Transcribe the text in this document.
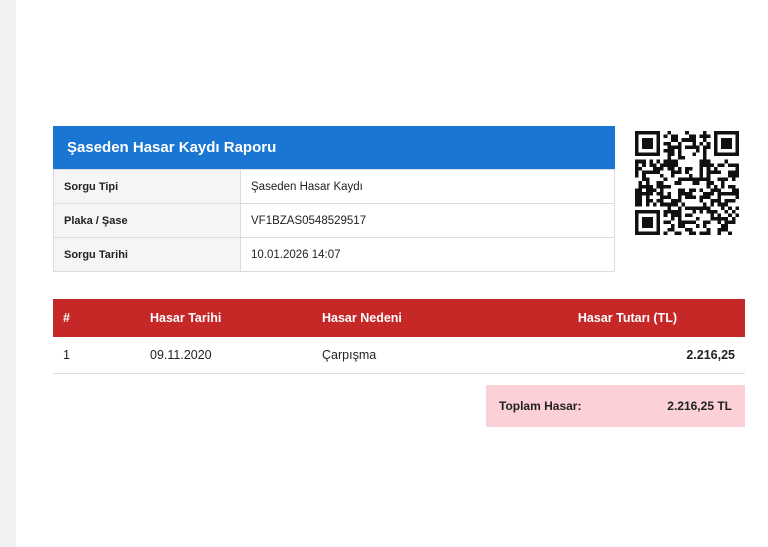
Şaseden Hasar Kaydı Raporu
Sorgu Tipi	Şaseden Hasar Kaydı
Plaka / Şase	VF1BZAS0548529517
Sorgu Tarihi	10.01.2026 14:07
#	Hasar Tarihi	Hasar Nedeni	Hasar Tutarı (TL)
1	09.11.2020	Çarpışma	2.216,25
Toplam Hasar:	2.216,25 TL
